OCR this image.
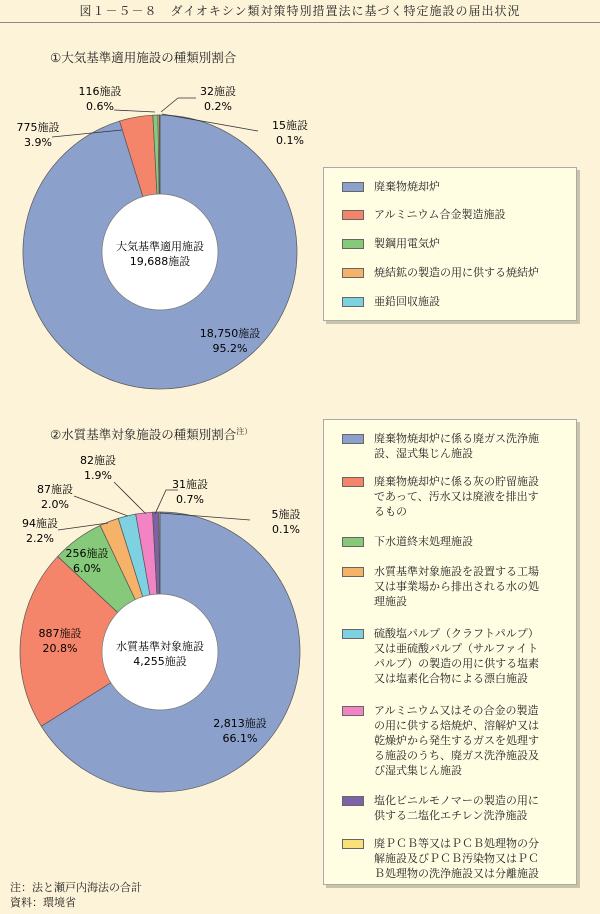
図１－５－８　ダイオキシン類対策特別措置法に基づく特定施設の届出状況
①大気基準適用施設の種類別割合
②水質基準対象施設の種類別割合$^{注)}$
大気基準適用施設
19,688施設
18,750施設
95.2%
775施設
3.9%
116施設
0.6%
32施設
0.2%
15施設
0.1%
水質基準対象施設
4,255施設
2,813施設
66.1%
887施設
20.8%
256施設
6.0%
94施設
2.2%
87施設
2.0%
82施設
1.9%
31施設
0.7%
5施設
0.1%
廃棄物焼却炉
アルミニウム合金製造施設
製鋼用電気炉
焼結鉱の製造の用に供する焼結炉
亜鉛回収施設
廃棄物焼却炉に係る廃ガス洗浄施
設、湿式集じん施設
廃棄物焼却炉に係る灰の貯留施設
であって、汚水又は廃液を排出す
るもの
下水道終末処理施設
水質基準対象施設を設置する工場
又は事業場から排出される水の処
理施設
硫酸塩パルプ（クラフトパルプ）
又は亜硫酸パルプ（サルファイト
パルプ）の製造の用に供する塩素
又は塩素化合物による漂白施設
アルミニウム又はその合金の製造
の用に供する焙焼炉、溶解炉又は
乾燥炉から発生するガスを処理す
る施設のうち、廃ガス洗浄施設及
び湿式集じん施設
塩化ビニルモノマーの製造の用に
供する二塩化エチレン洗浄施設
廃ＰＣＢ等又はＰＣＢ処理物の分
解施設及びＰＣＢ汚染物又はＰＣ
Ｂ処理物の洗浄施設又は分離施設
注：法と瀬戸内海法の合計
資料：環境省
